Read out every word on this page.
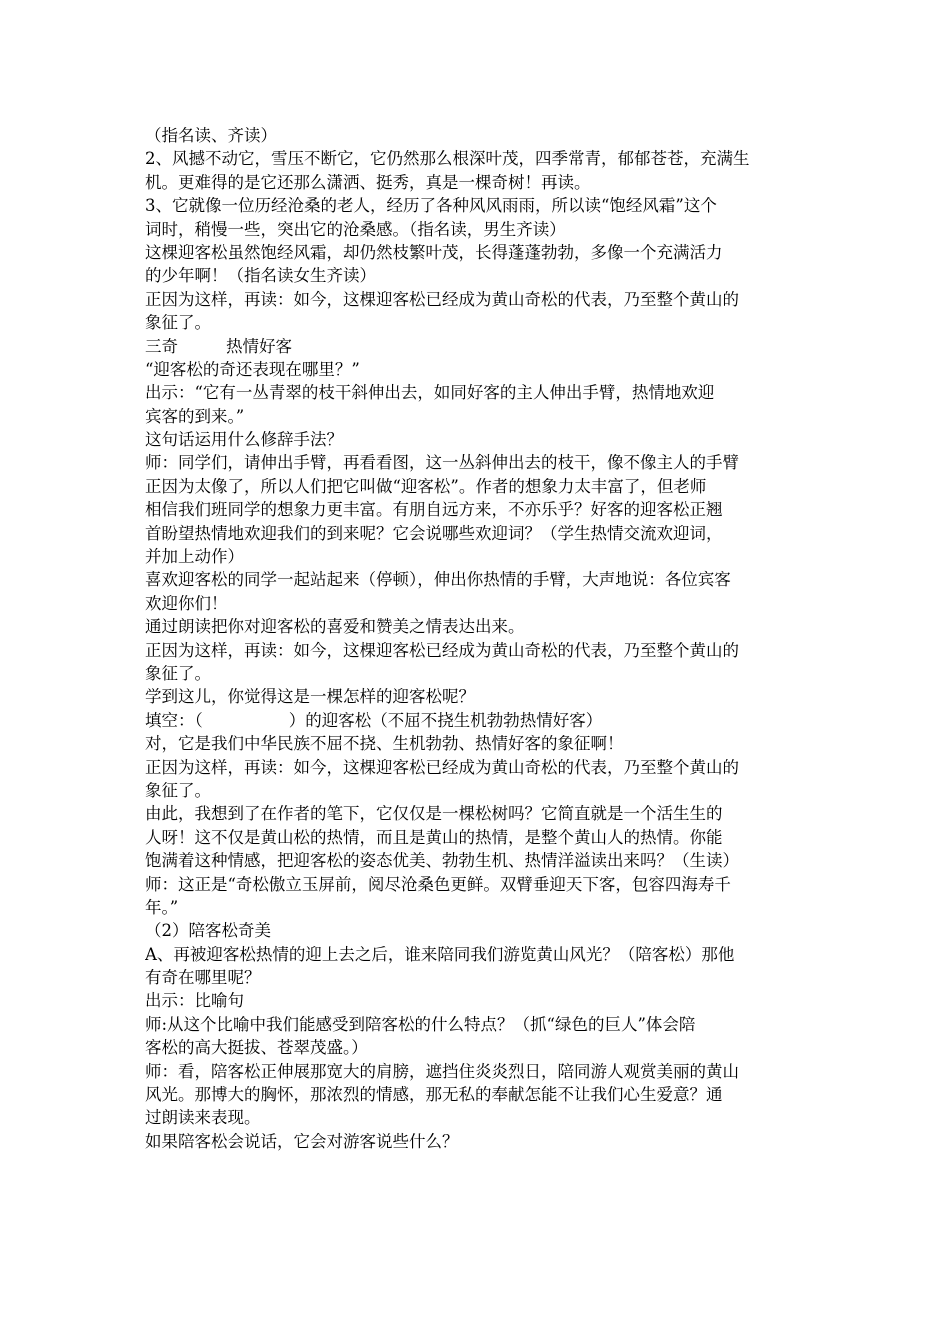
（指名读、齐读）
2、风撼不动它，雪压不断它，它仍然那么根深叶茂，四季常青，郁郁苍苍，充满生
机。更难得的是它还那么潇洒、挺秀，真是一棵奇树！再读。
3、它就像一位历经沧桑的老人，经历了各种风风雨雨，所以读“饱经风霜”这个
词时，稍慢一些，突出它的沧桑感。（指名读，男生齐读）
这棵迎客松虽然饱经风霜，却仍然枝繁叶茂，长得蓬蓬勃勃，多像一个充满活力
的少年啊！（指名读女生齐读）
正因为这样，再读：如今，这棵迎客松已经成为黄山奇松的代表，乃至整个黄山的
象征了。
三奇	热情好客
“迎客松的奇还表现在哪里？”
出示：“它有一丛青翠的枝干斜伸出去，如同好客的主人伸出手臂，热情地欢迎
宾客的到来。”
这句话运用什么修辞手法？
师：同学们，请伸出手臂，再看看图，这一丛斜伸出去的枝干，像不像主人的手臂
正因为太像了，所以人们把它叫做“迎客松”。作者的想象力太丰富了，但老师
相信我们班同学的想象力更丰富。有朋自远方来，不亦乐乎？好客的迎客松正翘
首盼望热情地欢迎我们的到来呢？它会说哪些欢迎词？（学生热情交流欢迎词，
并加上动作）
喜欢迎客松的同学一起站起来（停顿），伸出你热情的手臂，大声地说：各位宾客
欢迎你们！
通过朗读把你对迎客松的喜爱和赞美之情表达出来。
正因为这样，再读：如今，这棵迎客松已经成为黄山奇松的代表，乃至整个黄山的
象征了。
学到这儿，你觉得这是一棵怎样的迎客松呢？
填空：（	）的迎客松（不屈不挠生机勃勃热情好客）
对，它是我们中华民族不屈不挠、生机勃勃、热情好客的象征啊！
正因为这样，再读：如今，这棵迎客松已经成为黄山奇松的代表，乃至整个黄山的
象征了。
由此，我想到了在作者的笔下，它仅仅是一棵松树吗？它简直就是一个活生生的
人呀！这不仅是黄山松的热情，而且是黄山的热情，是整个黄山人的热情。你能
饱满着这种情感，把迎客松的姿态优美、勃勃生机、热情洋溢读出来吗？（生读）
师：这正是“奇松傲立玉屏前，阅尽沧桑色更鲜。双臂垂迎天下客，包容四海寿千
年。”
（2）陪客松奇美
A、再被迎客松热情的迎上去之后，谁来陪同我们游览黄山风光？（陪客松）那他
有奇在哪里呢？
出示：比喻句
师:从这个比喻中我们能感受到陪客松的什么特点？（抓“绿色的巨人”体会陪
客松的高大挺拔、苍翠茂盛。）
师：看，陪客松正伸展那宽大的肩膀，遮挡住炎炎烈日，陪同游人观赏美丽的黄山
风光。那博大的胸怀，那浓烈的情感，那无私的奉献怎能不让我们心生爱意？通
过朗读来表现。
如果陪客松会说话，它会对游客说些什么？
